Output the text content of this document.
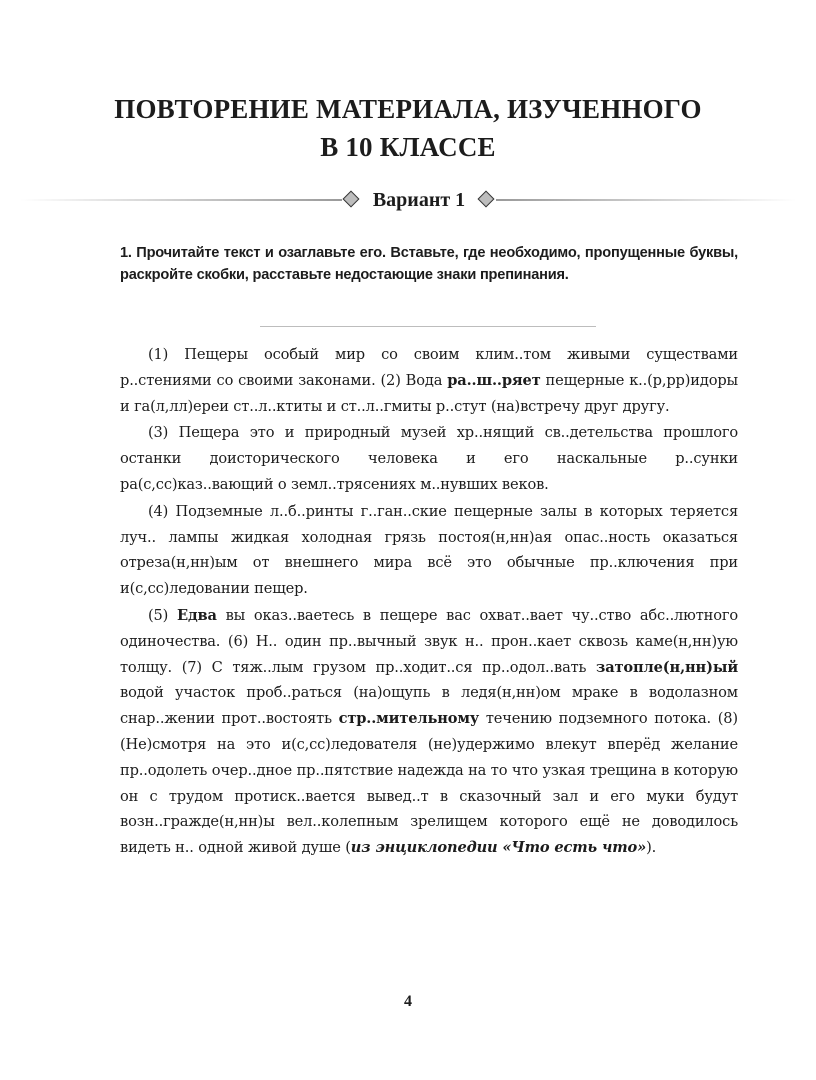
ПОВТОРЕНИЕ МАТЕРИАЛА, ИЗУЧЕННОГО
В 10 КЛАССЕ
Вариант 1
1. Прочитайте текст и озаглавьте его. Вставьте, где необходимо, пропущенные буквы, раскройте скобки, расставьте недостающие знаки препинания.

(1) Пещеры особый мир со своим клим..том живыми существами р..стениями со своими законами. (2) Вода ра..ш..ряет пещерные к..(р,рр)идоры и га(л,лл)ереи ст..л..ктиты и ст..л..гмиты р..стут (на)встречу друг другу.

(3) Пещера это и природный музей хр..нящий св..детельства прошлого останки доисторического человека и его наскальные р..сунки ра(с,сс)каз..вающий о земл..трясениях м..нувших веков.

(4) Подземные л..б..ринты г..ган..ские пещерные залы в которых теряется луч.. лампы жидкая холодная грязь постоя(н,нн)ая опас..ность оказаться отреза(н,нн)ым от внешнего мира всё это обычные пр..ключения при и(с,сс)ледовании пещер.

(5) Едва вы оказ..ваетесь в пещере вас охват..вает чу..ство абс..лютного одиночества. (6) Н.. один пр..вычный звук н.. прон..кает сквозь каме(н,нн)ую толщу. (7) С тяж..лым грузом пр..ходит..ся пр..одол..вать затопле(н,нн)ый водой участок проб..раться (на)ощупь в ледя(н,нн)ом мраке в водолазном снар..жении прот..востоять стр..мительному течению подземного потока. (8) (Не)смотря на это и(с,сс)ледователя (не)удержимо влекут вперёд желание пр..одолеть очер..дное пр..пятствие надежда на то что узкая трещина в которую он с трудом протиск..вается вывед..т в сказочный зал и его муки будут возн..гражде(н,нн)ы вел..колепным зрелищем которого ещё не доводилось видеть н.. одной живой душе (из энциклопедии «Что есть что»).

4
